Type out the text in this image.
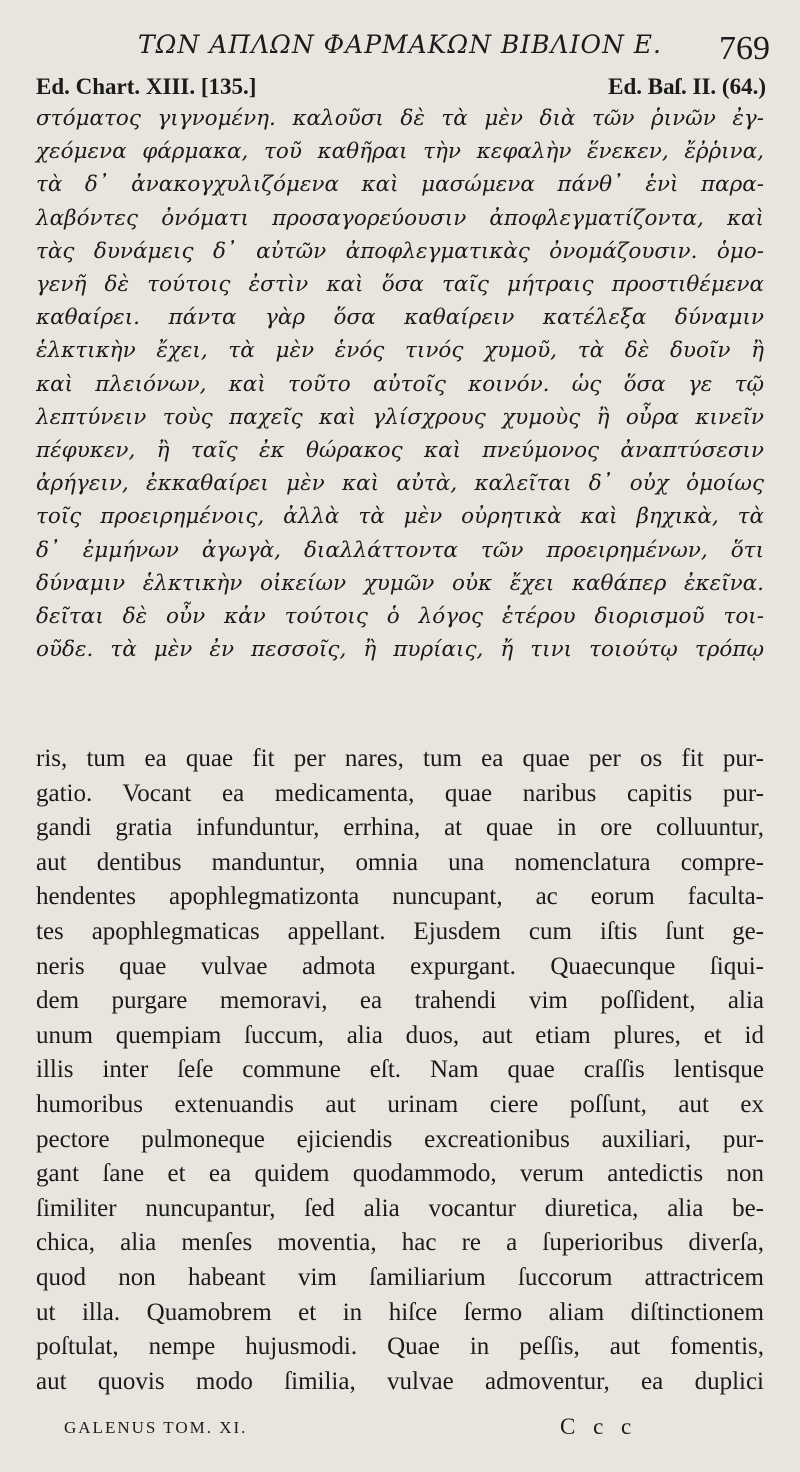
ΤΩΝ ΑΠΛΩΝ ΦΑΡΜΑΚΩΝ ΒΙΒΛΙΟΝ Ε.	769
Ed. Chart. XIII. [135.]	Ed. Baſ. II. (64.)
στόματος γιγνομένη. καλοῦσι δὲ τὰ μὲν διὰ τῶν ῥινῶν ἐγ-
χεόμενα φάρμακα, τοῦ καθῆραι τὴν κεφαλὴν ἕνεκεν, ἔῤῥινα,
τὰ δ᾽ ἀνακογχυλιζόμενα καὶ μασώμενα πάνθ᾽ ἑνὶ παρα-
λαβόντες ὀνόματι προσαγορεύουσιν ἀποφλεγματίζοντα, καὶ
τὰς δυνάμεις δ᾽ αὐτῶν ἀποφλεγματικὰς ὀνομάζουσιν. ὁμο-
γενῆ δὲ τούτοις ἐστὶν καὶ ὅσα ταῖς μήτραις προστιθέμενα
καθαίρει. πάντα γὰρ ὅσα καθαίρειν κατέλεξα δύναμιν
ἑλκτικὴν ἔχει, τὰ μὲν ἑνός τινός χυμοῦ, τὰ δὲ δυοῖν ἢ
καὶ πλειόνων, καὶ τοῦτο αὐτοῖς κοινόν. ὡς ὅσα γε τῷ
λεπτύνειν τοὺς παχεῖς καὶ γλίσχρους χυμοὺς ἢ οὖρα κινεῖν
πέφυκεν, ἢ ταῖς ἐκ θώρακος καὶ πνεύμονος ἀναπτύσεσιν
ἀρήγειν, ἐκκαθαίρει μὲν καὶ αὐτὰ, καλεῖται δ᾽ οὐχ ὁμοίως
τοῖς προειρημένοις, ἀλλὰ τὰ μὲν οὐρητικὰ καὶ βηχικὰ, τὰ
δ᾽ ἐμμήνων ἀγωγὰ, διαλλάττοντα τῶν προειρημένων, ὅτι
δύναμιν ἑλκτικὴν οἰκείων χυμῶν οὐκ ἔχει καθάπερ ἐκεῖνα.
δεῖται δὲ οὖν κἀν τούτοις ὁ λόγος ἑτέρου διορισμοῦ τοι-
οῦδε. τὰ μὲν ἐν πεσσοῖς, ἢ πυρίαις, ἤ τινι τοιούτῳ τρόπῳ
ris, tum ea quae fit per nares, tum ea quae per os fit pur-
gatio. Vocant ea medicamenta, quae naribus capitis pur-
gandi gratia infunduntur, errhina, at quae in ore colluuntur,
aut dentibus manduntur, omnia una nomenclatura compre-
hendentes apophlegmatizonta nuncupant, ac eorum faculta-
tes apophlegmaticas appellant. Ejusdem cum iſtis ſunt ge-
neris quae vulvae admota expurgant. Quaecunque ſiqui-
dem purgare memoravi, ea trahendi vim poſſident, alia
unum quempiam ſuccum, alia duos, aut etiam plures, et id
illis inter ſeſe commune eſt. Nam quae craſſis lentisque
humoribus extenuandis aut urinam ciere poſſunt, aut ex
pectore pulmoneque ejiciendis excreationibus auxiliari, pur-
gant ſane et ea quidem quodammodo, verum antedictis non
ſimiliter nuncupantur, ſed alia vocantur diuretica, alia be-
chica, alia menſes moventia, hac re a ſuperioribus diverſa,
quod non habeant vim ſamiliarium ſuccorum attractricem
ut illa. Quamobrem et in hiſce ſermo aliam diſtinctionem
poſtulat, nempe hujusmodi. Quae in peſſis, aut fomentis,
aut quovis modo ſimilia, vulvae admoventur, ea duplici
GALENUS TOM. XI.	C c c
